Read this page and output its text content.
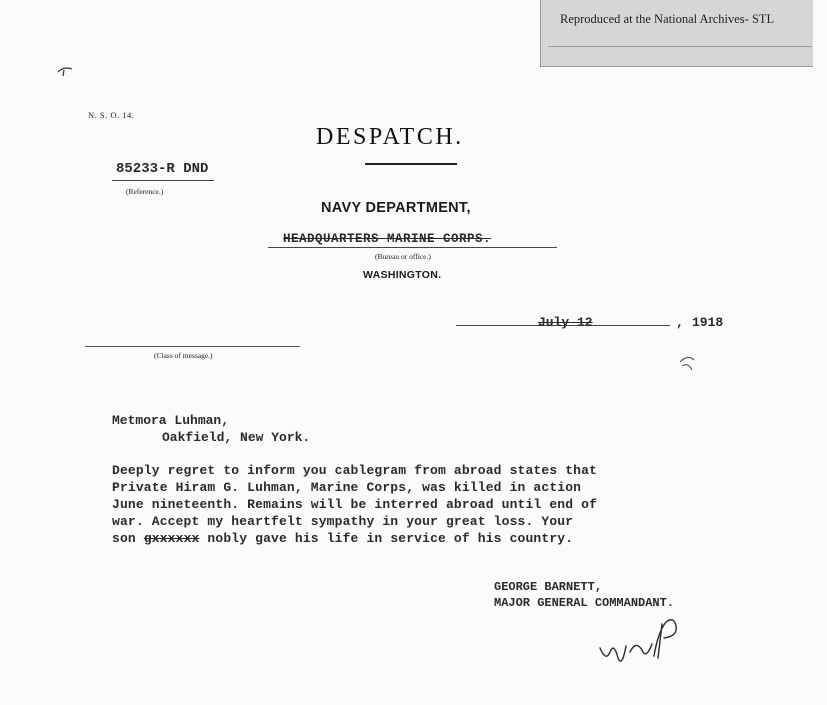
Reproduced at the National Archives- STL
N. S. O. 14.
DESPATCH.
85233-R DND
(Reference.)
NAVY DEPARTMENT,
HEADQUARTERS MARINE CORPS.
(Bureau or office.)
WASHINGTON.
July 12	, 1918
(Class of message.)
Metmora Luhman,
Oakfield, New York.
Deeply regret to inform you cablegram from abroad states that
Private Hiram G. Luhman, Marine Corps, was killed in action
June nineteenth. Remains will be interred abroad until end of
war. Accept my heartfelt sympathy in your great loss. Your
son gxxxxxx nobly gave his life in service of his country.
GEORGE BARNETT,
MAJOR GENERAL COMMANDANT.
